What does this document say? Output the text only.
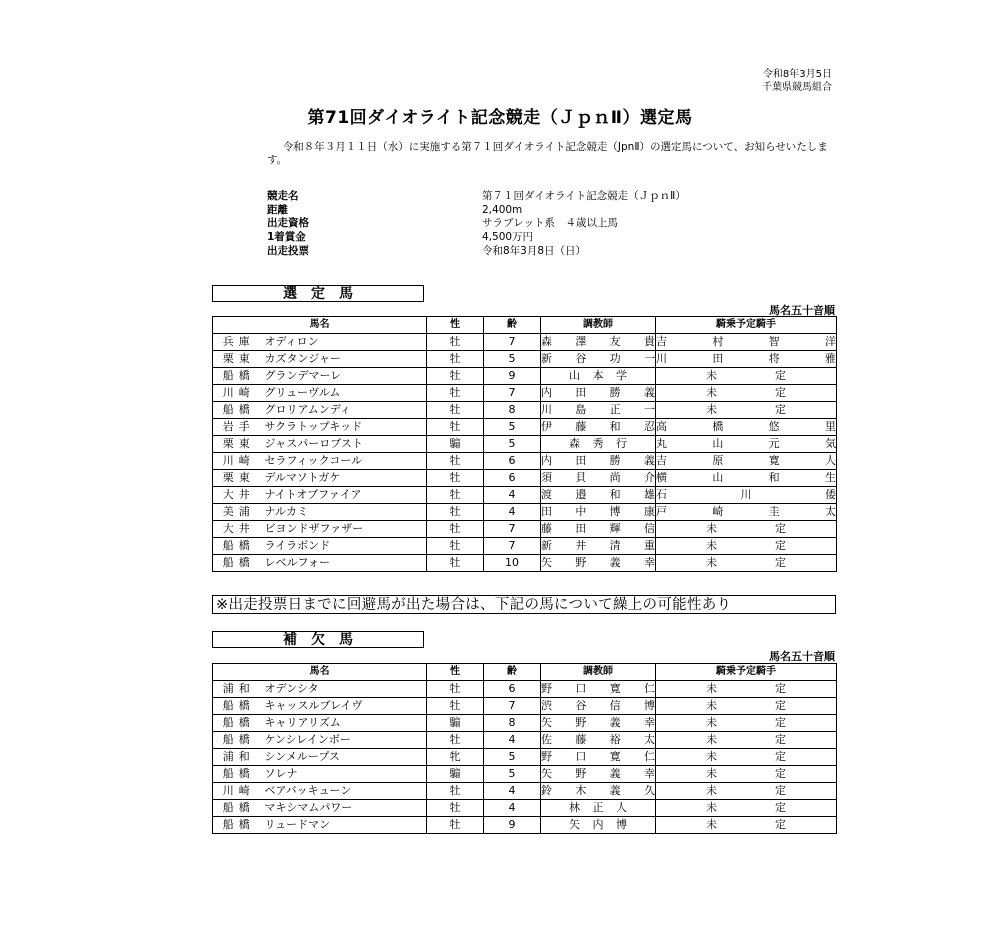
令和8年3月5日
千葉県競馬組合
第71回ダイオライト記念競走（ＪｐｎⅡ）選定馬
令和８年３月１１日（水）に実施する第７１回ダイオライト記念競走（JpnⅡ）の選定馬について、お知らせいたします。
競走名	第７１回ダイオライト記念競走（ＪｐｎⅡ）
距離	2,400m
出走資格	サラブレット系　４歳以上馬
1着賞金	4,500万円
出走投票	令和8年3月8日（日）
選定馬
馬名五十音順
馬名		性	齢	調教師	騎乗予定騎手
兵庫	オディロン	牡	7	森澤友貴	吉村智洋
栗東	カズタンジャー	牡	5	新谷功一	川田将雅
船橋	グランデマーレ	牡	9	山本学	未定
川崎	グリューヴルム	牡	7	内田勝義	未定
船橋	グロリアムンディ	牡	8	川島正一	未定
岩手	サクラトップキッド	牡	5	伊藤和忍	高橋悠里
栗東	ジャスパーロブスト	騸	5	森秀行	丸山元気
川崎	セラフィックコール	牡	6	内田勝義	吉原寛人
栗東	デルマソトガケ	牡	6	須貝尚介	横山和生
大井	ナイトオブファイア	牡	4	渡邉和雄	石川倭
美浦	ナルカミ	牡	4	田中博康	戸崎圭太
大井	ビヨンドザファザー	牡	7	藤田輝信	未定
船橋	ライラボンド	牡	7	新井清重	未定
船橋	レベルフォー	牡	10	矢野義幸	未定
※出走投票日までに回避馬が出た場合は、下記の馬について繰上の可能性あり
補欠馬
馬名五十音順
馬名		性	齢	調教師	騎乗予定騎手
浦和	オデンシタ	牡	6	野口寛仁	未定
船橋	キャッスルブレイヴ	牡	7	渋谷信博	未定
船橋	キャリアリズム	騸	8	矢野義幸	未定
船橋	ケンシレインボー	牡	4	佐藤裕太	未定
浦和	シンメループス	牝	5	野口寛仁	未定
船橋	ソレナ	騸	5	矢野義幸	未定
川崎	ベアバッキューン	牡	4	鈴木義久	未定
船橋	マキシマムパワー	牡	4	林正人	未定
船橋	リュードマン	牡	9	矢内博	未定
